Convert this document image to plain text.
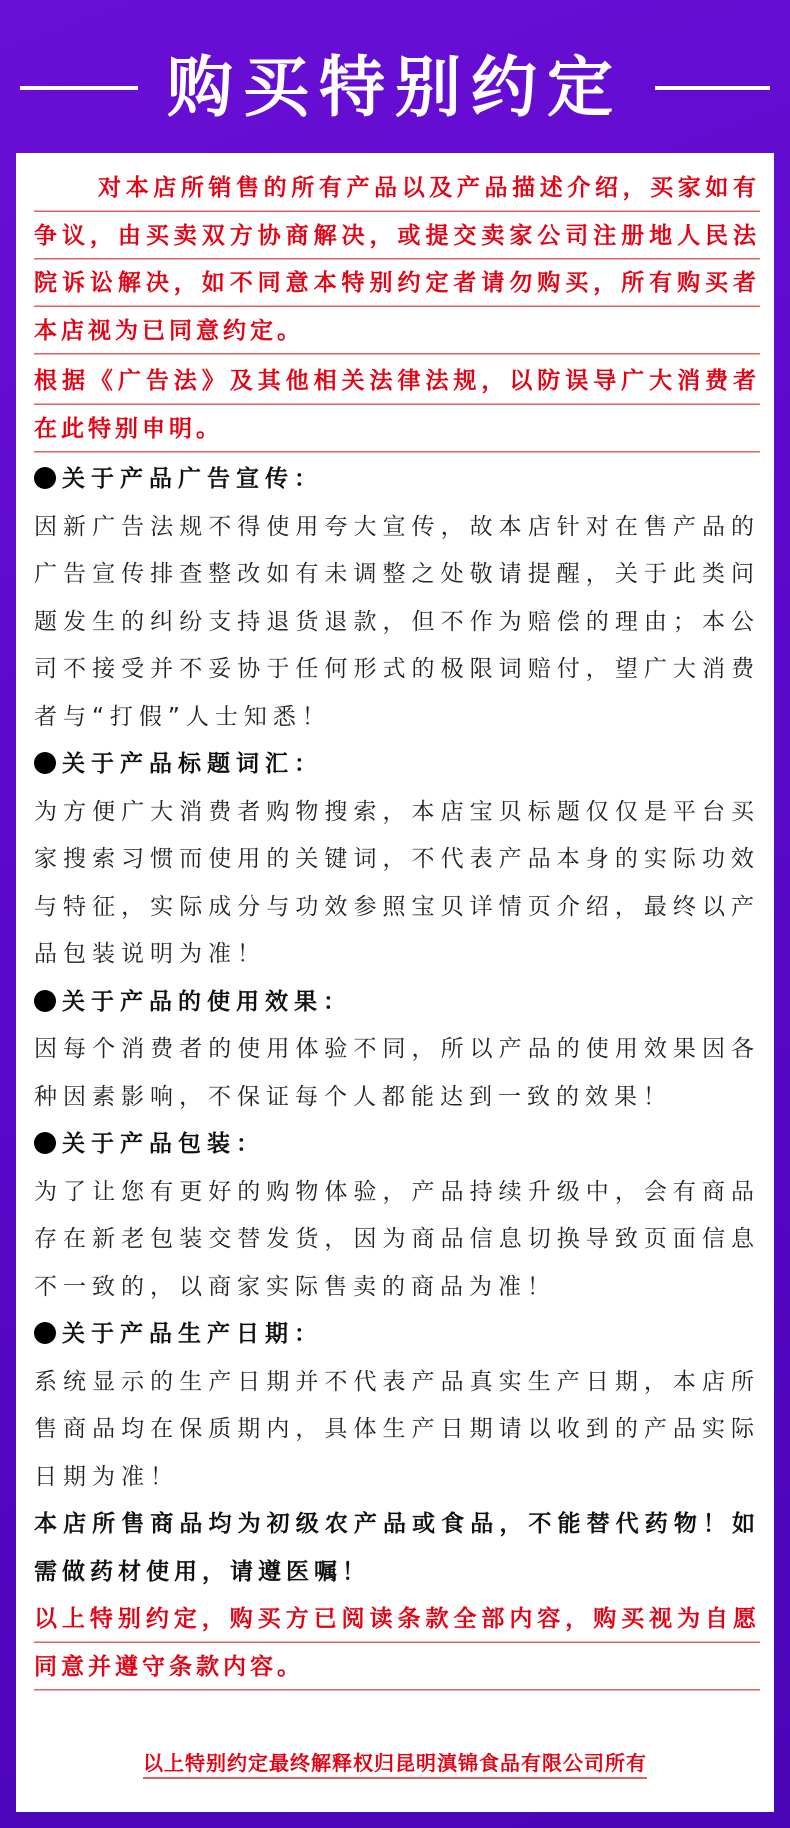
购买特别约定
对本店所销售的所有产品以及产品描述介绍，买家如有争议，由买卖双方协商解决，或提交卖家公司注册地人民法院诉讼解决，如不同意本特别约定者请勿购买，所有购买者本店视为已同意约定。
根据《广告法》及其他相关法律法规，以防误导广大消费者在此特别申明。
关于产品广告宣传：
因新广告法规不得使用夸大宣传，故本店针对在售产品的广告宣传排查整改如有未调整之处敬请提醒，关于此类问题发生的纠纷支持退货退款，但不作为赔偿的理由；本公司不接受并不妥协于任何形式的极限词赔付，望广大消费者与“打假”人士知悉！
关于产品标题词汇：
为方便广大消费者购物搜索，本店宝贝标题仅仅是平台买家搜索习惯而使用的关键词，不代表产品本身的实际功效与特征，实际成分与功效参照宝贝详情页介绍，最终以产品包装说明为准！
关于产品的使用效果：
因每个消费者的使用体验不同，所以产品的使用效果因各种因素影响，不保证每个人都能达到一致的效果！
关于产品包装：
为了让您有更好的购物体验，产品持续升级中，会有商品存在新老包装交替发货，因为商品信息切换导致页面信息不一致的，以商家实际售卖的商品为准！
关于产品生产日期：
系统显示的生产日期并不代表产品真实生产日期，本店所售商品均在保质期内，具体生产日期请以收到的产品实际日期为准！
本店所售商品均为初级农产品或食品，不能替代药物！如需做药材使用，请遵医嘱！
以上特别约定，购买方已阅读条款全部内容，购买视为自愿同意并遵守条款内容。
以上特别约定最终解释权归昆明滇锦食品有限公司所有
